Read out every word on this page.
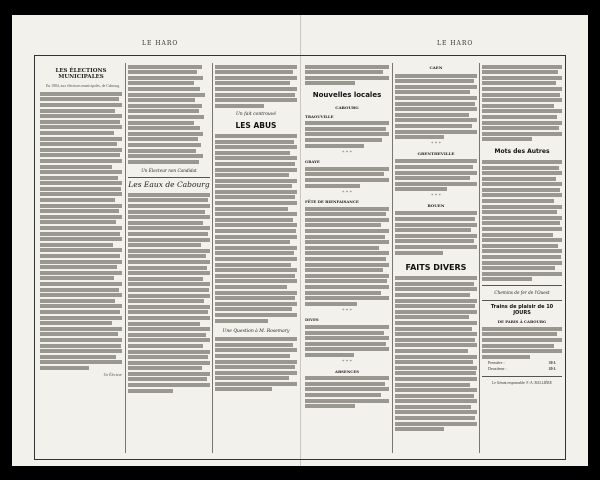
LE HARO	LE HARO
LES ÉLECTIONS MUNICIPALES

En 1884, aux élections municipales, de Cabourg

Un Électeur
Un Électeur non Candidat
Les Eaux de Cabourg
Un fait controuvé
LES ABUS
Une Question à M. Rosemary
Nouvelles locales
CABOURG
TRAOUVILLE
* * *
GRAYE
* * *
FÊTE DE BIENFAISANCE
* * *
DIVES
* * *
ABSENCES
CAEN
* * *
GRENTHEVILLE
* * *
ROUEN
FAITS DIVERS
Mots des Autres
Chemins de fer de l'Ouest
Trains de plaisir de 10 JOURS
DE PARIS À CABOURG
Première :	30 f.
Deuxième :	20 f.
Le Gérant responsable: F.-A. BALLIÈRE
